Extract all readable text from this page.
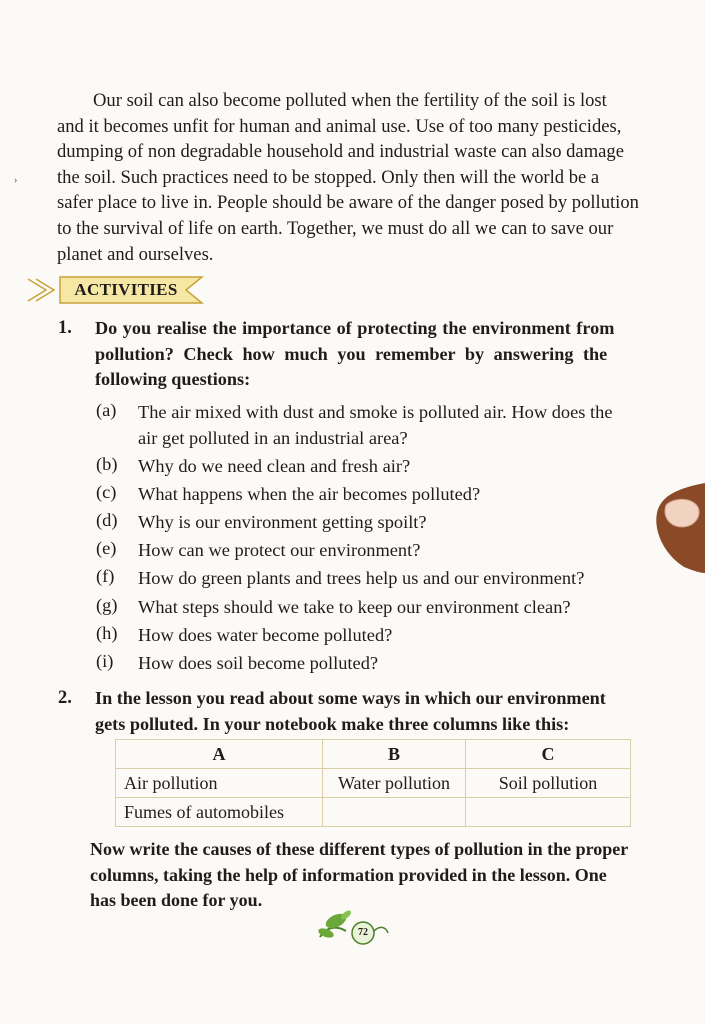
›
Our soil can also become polluted when the fertility of the soil is lost
and it becomes unfit for human and animal use. Use of too many pesticides,
dumping of non degradable household and industrial waste can also damage
the soil. Such practices need to be stopped. Only then will the world be a
safer place to live in. People should be aware of the danger posed by pollution
to the survival of life on earth. Together, we must do all we can to save our
planet and ourselves.
ACTIVITIES
1. Do you realise the importance of protecting the environment from
pollution? Check how much you remember by answering the
following questions:
(a) The air mixed with dust and smoke is polluted air. How does the
air get polluted in an industrial area?
(b) Why do we need clean and fresh air?
(c) What happens when the air becomes polluted?
(d) Why is our environment getting spoilt?
(e) How can we protect our environment?
(f) How do green plants and trees help us and our environment?
(g) What steps should we take to keep our environment clean?
(h) How does water become polluted?
(i) How does soil become polluted?
2. In the lesson you read about some ways in which our environment
gets polluted. In your notebook make three columns like this:
A	B	C
Air pollution	Water pollution	Soil pollution
Fumes of automobiles		
Now write the causes of these different types of pollution in the proper
columns, taking the help of information provided in the lesson. One
has been done for you.
72
